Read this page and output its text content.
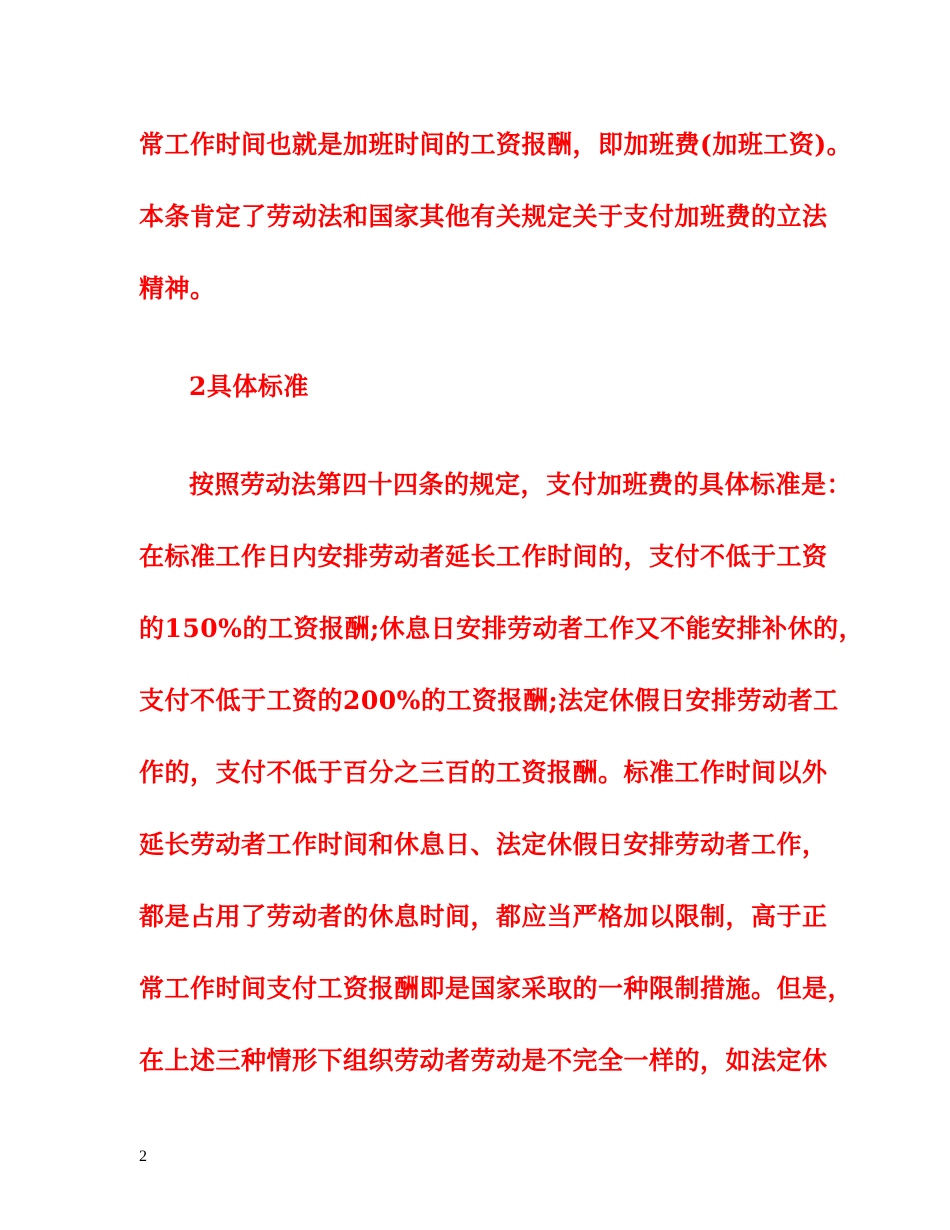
常工作时间也就是加班时间的工资报酬，即加班费(加班工资)。
本条肯定了劳动法和国家其他有关规定关于支付加班费的立法
精神。
2具体标准
按照劳动法第四十四条的规定，支付加班费的具体标准是：
在标准工作日内安排劳动者延长工作时间的，支付不低于工资
的150%的工资报酬;休息日安排劳动者工作又不能安排补休的，
支付不低于工资的200%的工资报酬;法定休假日安排劳动者工
作的，支付不低于百分之三百的工资报酬。标准工作时间以外
延长劳动者工作时间和休息日、法定休假日安排劳动者工作，
都是占用了劳动者的休息时间，都应当严格加以限制，高于正
常工作时间支付工资报酬即是国家采取的一种限制措施。但是，
在上述三种情形下组织劳动者劳动是不完全一样的，如法定休
2
